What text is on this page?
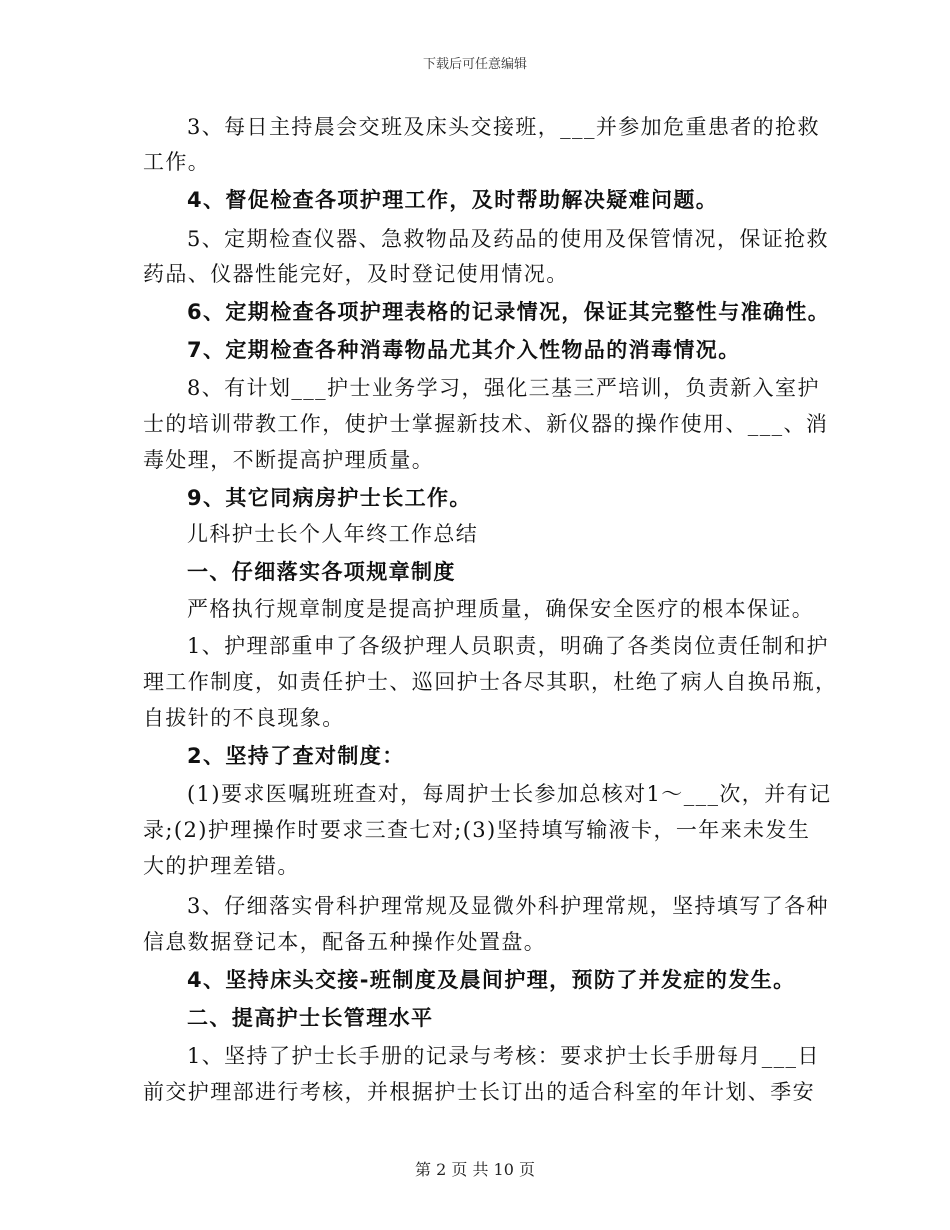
下载后可任意编辑
3、每日主持晨会交班及床头交接班，___并参加危重患者的抢救
工作。
4、督促检查各项护理工作，及时帮助解决疑难问题。
5、定期检查仪器、急救物品及药品的使用及保管情况，保证抢救
药品、仪器性能完好，及时登记使用情况。
6、定期检查各项护理表格的记录情况，保证其完整性与准确性。
7、定期检查各种消毒物品尤其介入性物品的消毒情况。
8、有计划___护士业务学习，强化三基三严培训，负责新入室护
士的培训带教工作，使护士掌握新技术、新仪器的操作使用、___、消
毒处理，不断提高护理质量。
9、其它同病房护士长工作。
儿科护士长个人年终工作总结
一、仔细落实各项规章制度
严格执行规章制度是提高护理质量，确保安全医疗的根本保证。
1、护理部重申了各级护理人员职责，明确了各类岗位责任制和护
理工作制度，如责任护士、巡回护士各尽其职，杜绝了病人自换吊瓶，
自拔针的不良现象。
2、坚持了查对制度：
(1)要求医嘱班班查对，每周护士长参加总核对1～___次，并有记
录;(2)护理操作时要求三查七对;(3)坚持填写输液卡，一年来未发生
大的护理差错。
3、仔细落实骨科护理常规及显微外科护理常规，坚持填写了各种
信息数据登记本，配备五种操作处置盘。
4、坚持床头交接-班制度及晨间护理，预防了并发症的发生。
二、提高护士长管理水平
1、坚持了护士长手册的记录与考核：要求护士长手册每月___日
前交护理部进行考核，并根据护士长订出的适合科室的年计划、季安
第 2 页 共 10 页
